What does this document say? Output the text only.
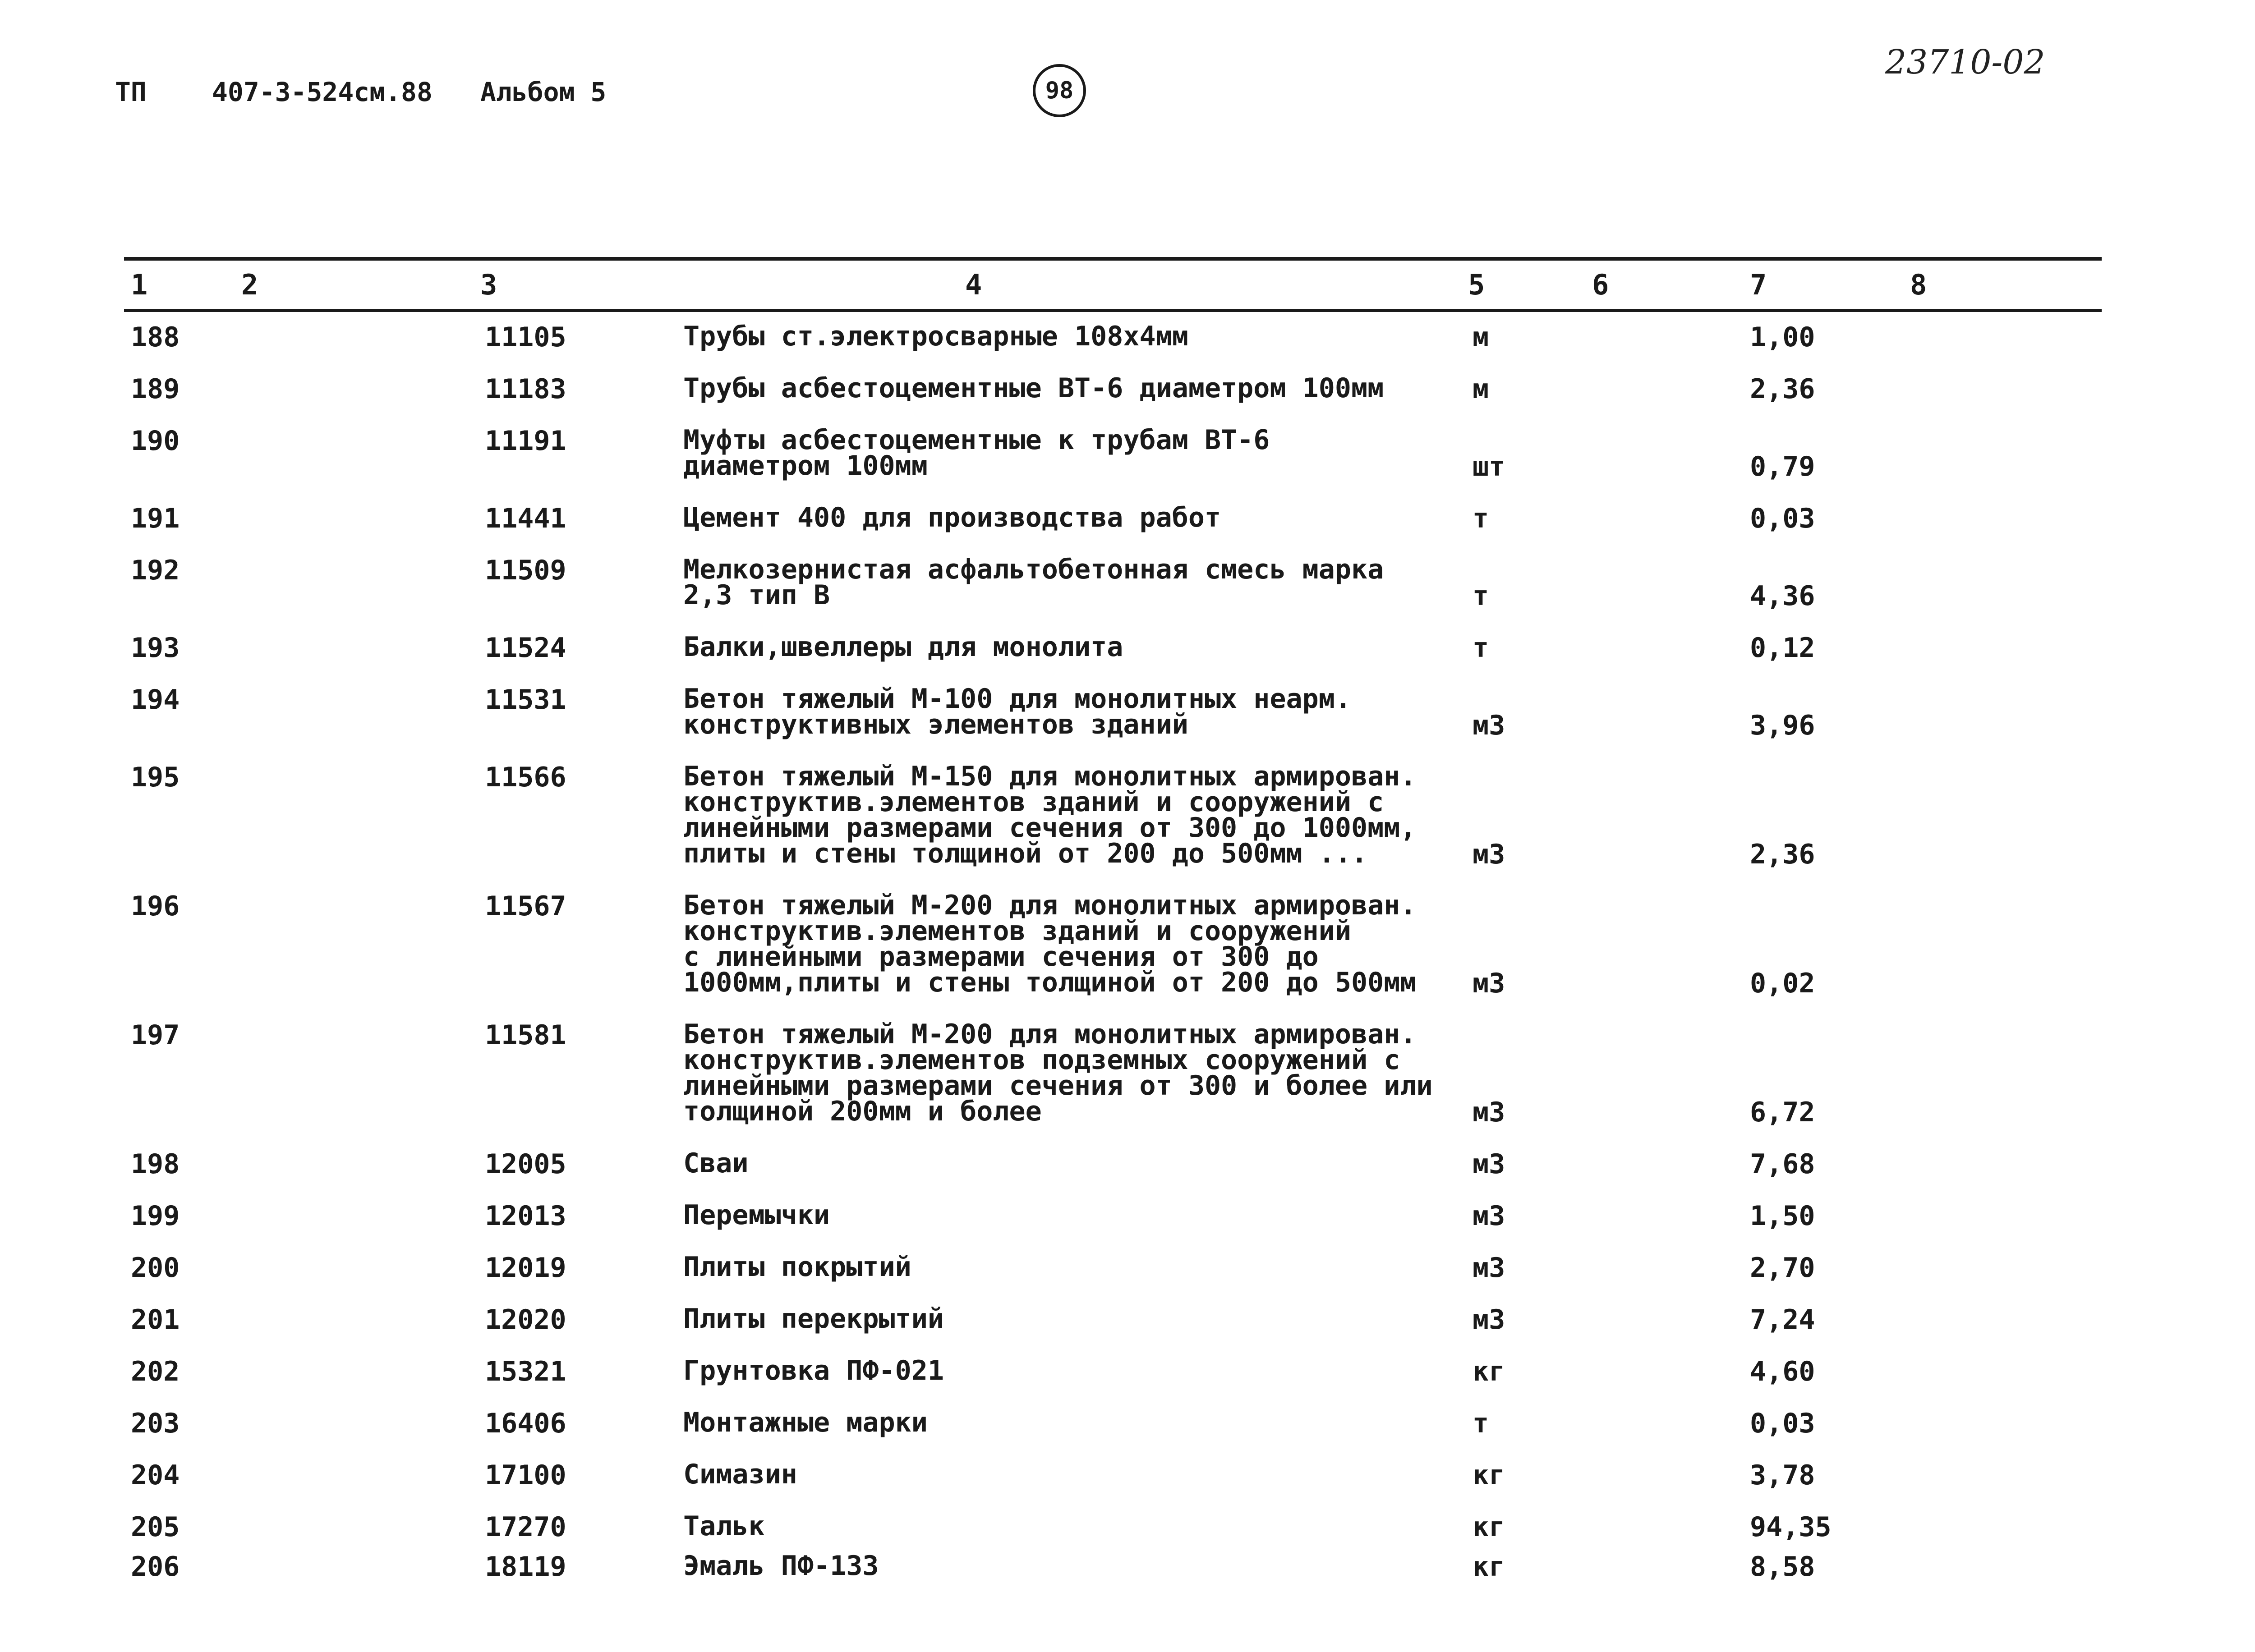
ТП	407-3-524см.88 Альбом 5	98
23710-02
1	2	3	4	5	6	7	8
188	11105	Трубы ст.электросварные 108х4мм	м	1,00
189	11183	Трубы асбестоцементные ВТ-6 диаметром 100мм	м	2,36
190	11191	Муфты асбестоцементные к трубам ВТ-6
диаметром 100мм	шт	0,79
191	11441	Цемент 400 для производства работ	т	0,03
192	11509	Мелкозернистая асфальтобетонная смесь марка
2,3 тип В	т	4,36
193	11524	Балки,швеллеры для монолита	т	0,12
194	11531	Бетон тяжелый М-100 для монолитных неарм.
конструктивных элементов зданий	м3	3,96
195	11566	Бетон тяжелый М-150 для монолитных армирован.
конструктив.элементов зданий и сооружений с
линейными размерами сечения от 300 до 1000мм,
плиты и стены толщиной от 200 до 500мм ...	м3	2,36
196	11567	Бетон тяжелый М-200 для монолитных армирован.
конструктив.элементов зданий и сооружений
с линейными размерами сечения от 300 до
1000мм,плиты и стены толщиной от 200 до 500мм м3	0,02
197	11581	Бетон тяжелый М-200 для монолитных армирован.
конструктив.элементов подземных сооружений с
линейными размерами сечения от 300 и более или
толщиной 200мм и более	м3	6,72
198	12005	Сваи	м3	7,68
199	12013	Перемычки	м3	1,50
200	12019	Плиты покрытий	м3	2,70
201	12020	Плиты перекрытий	м3	7,24
202	15321	Грунтовка ПФ-021	кг	4,60
203	16406	Монтажные марки	т	0,03
204	17100	Симазин	кг	3,78
205	17270	Тальк	кг	94,35
206	18119	Эмаль ПФ-133	кг	8,58
